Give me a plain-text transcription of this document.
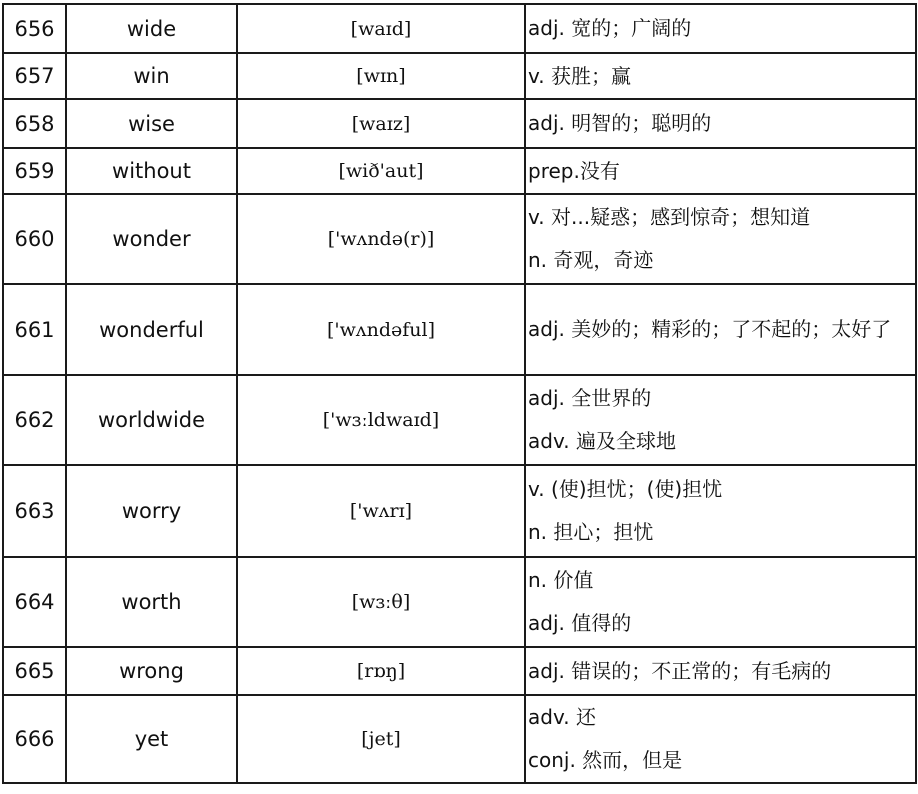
656	wide	[waɪd]	adj. 宽的；广阔的

657	win	[wɪn]	v. 获胜；赢

658	wise	[waɪz]	adj. 明智的；聪明的

659	without	[wið'aut]	prep.没有

660	wonder	['wʌndə(r)]	v. 对...疑惑；感到惊奇；想知道
n. 奇观，奇迹

661	wonderful	['wʌndəful]	adj. 美妙的；精彩的；了不起的；太好了

662	worldwide	['wɜːldwaɪd]	adj. 全世界的
adv. 遍及全球地

663	worry	['wʌrɪ]	v. (使)担忧；(使)担忧
n. 担心；担忧

664	worth	[wɜːθ]	n. 价值
adj. 值得的

665	wrong	[rɒŋ]	adj. 错误的；不正常的；有毛病的

666	yet	[jet]	adv. 还
conj. 然而，但是
